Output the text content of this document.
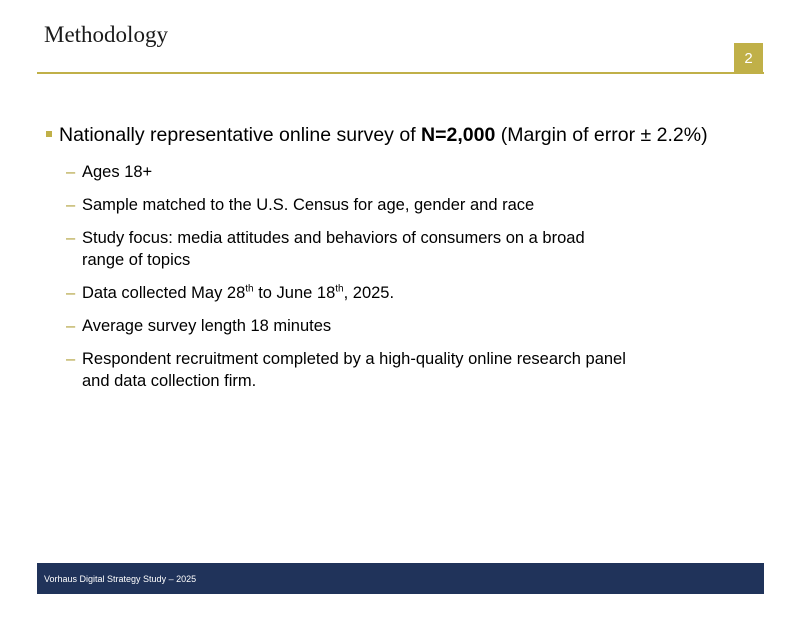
Methodology
2
Nationally representative online survey of N=2,000 (Margin of error ± 2.2%)
– Ages 18+
– Sample matched to the U.S. Census for age, gender and race
– Study focus: media attitudes and behaviors of consumers on a broad
range of topics
– Data collected May 28th to June 18th, 2025.
– Average survey length 18 minutes
– Respondent recruitment completed by a high-quality online research panel
and data collection firm.
Vorhaus Digital Strategy Study – 2025
